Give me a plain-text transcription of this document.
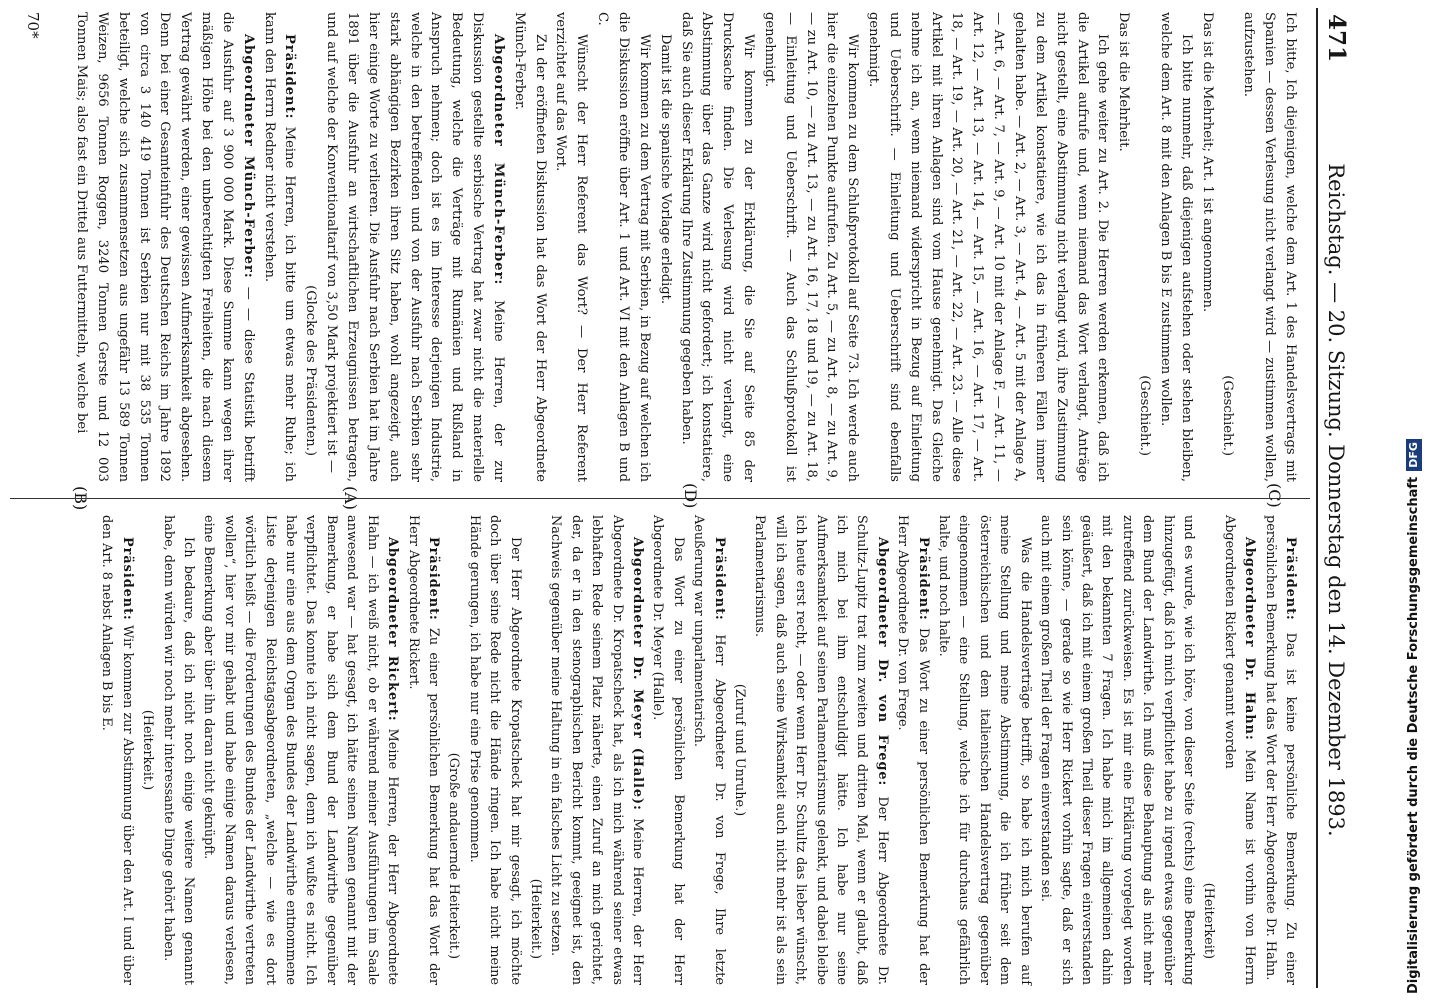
471
Reichstag. — 20. Sitzung. Donnerstag den 14. Dezember 1893.
(C)
(D)
(A)
(B)

Ich bitte, Ich diejenigen, welche dem Art. 1 des Handelsvertrags mit Spanien — dessen Verlesung nicht verlangt wird — zustimmen wollen, aufzustehen.

(Geschieht.)

Das ist die Mehrheit; Art. 1 ist angenommen.

Ich bitte nunmehr, daß diejenigen aufstehen oder stehen bleiben, welche dem Art. 8 mit den Anlagen B bis E zustimmen wollen.

(Geschieht.)

Das ist die Mehrheit.

Ich gehe weiter zu Art. 2. Die Herren werden erkennen, daß ich die Artikel aufrufe und, wenn niemand das Wort verlangt, Anträge nicht gestellt, eine Abstimmung nicht verlangt wird, ihre Zustimmung zu dem Artikel konstatiere, wie ich das in früheren Fällen immer gehalten habe. — Art. 2, — Art. 3, — Art. 4, — Art. 5 mit der Anlage A, — Art. 6, — Art. 7, — Art. 9, — Art. 10 mit der Anlage F, — Art. 11, — Art. 12, — Art. 13, — Art. 14, — Art. 15, — Art. 16, — Art. 17, — Art. 18, — Art. 19, — Art. 20, — Art. 21, — Art. 22, — Art. 23. — Alle diese Artikel mit ihren Anlagen sind vom Hause genehmigt. Das Gleiche nehme ich an, wenn niemand widerspricht in Bezug auf Einleitung und Ueberschrift. — Einleitung und Ueberschrift sind ebenfalls genehmigt.

Wir kommen zu dem Schlußprotokoll auf Seite 73. Ich werde auch hier die einzelnen Punkte aufrufen. Zu Art. 5, — zu Art. 8, — zu Art. 9, — zu Art. 10, — zu Art. 13, — zu Art. 16, 17, 18 und 19, — zu Art. 18, — Einleitung und Ueberschrift. — Auch das Schlußprotokoll ist genehmigt.

Wir kommen zu der Erklärung, die Sie auf Seite 85 der Drucksache finden. Die Verlesung wird nicht verlangt, eine Abstimmung über das Ganze wird nicht gefordert; ich konstatiere, daß Sie auch dieser Erklärung Ihre Zustimmung gegeben haben.

Damit ist die spanische Vorlage erledigt.

Wir kommen zu dem Vertrag mit Serbien, in Bezug auf welchen ich die Diskussion eröffne über Art. 1 und Art. VI mit den Anlagen B und C.

Wünscht der Herr Referent das Wort? — Der Herr Referent verzichtet auf das Wort.

Zu der eröffneten Diskussion hat das Wort der Herr Abgeordnete Münch-Ferber.

Abgeordneter Münch-Ferber: Meine Herren, der zur Diskussion gestellte serbische Vertrag hat zwar nicht die materielle Bedeutung, welche die Verträge mit Rumänien und Rußland in Anspruch nehmen; doch ist es im Interesse derjenigen Industrie, welche in den betreffenden und von der Ausfuhr nach Serbien sehr stark abhängigen Bezirken ihren Sitz haben, wohl angezeigt, auch hier einige Worte zu verlieren. Die Ausfuhr nach Serbien hat im Jahre 1891 über die Ausfuhr an wirtschaftlichen Erzeugnissen betragen, und auf welche der Konventionaltarif von 3,50 Mark projektiert ist —

(Glocke des Präsidenten.)

Präsident: Meine Herren, ich bitte um etwas mehr Ruhe; ich kann den Herrn Redner nicht verstehen.

Abgeordneter Münch-Ferber: — — diese Statistik betrifft die Ausfuhr auf 3 900 000 Mark. Diese Summe kann wegen ihrer mäßigen Höhe bei den unberechtigten Freiheiten, die nach diesem Vertrag gewährt werden, einer gewissen Aufmerksamkeit abgesehen. Denn bei einer Gesamteinfuhr des Deutschen Reichs im Jahre 1892 von circa 3 140 419 Tonnen ist Serbien nur mit 38 535 Tonnen beteiligt, welche sich zusammensetzen aus ungefähr 13 589 Tonnen Weizen, 9656 Tonnen Roggen, 3240 Tonnen Gerste und 12 003 Tonnen Mais; also fast ein Drittel aus Futtermitteln, welche bei

Präsident: Das ist keine persönliche Bemerkung. Zu einer persönlichen Bemerkung hat das Wort der Herr Abgeordnete Dr. Hahn.

Abgeordneter Dr. Hahn: Mein Name ist vorhin von Herrn Abgeordneten Rickert genannt worden

(Heiterkeit)

und es wurde, wie ich höre, von dieser Seite (rechts) eine Bemerkung hinzugefügt, daß ich mich verpflichtet habe zu irgend etwas gegenüber dem Bund der Landwirthe. Ich muß diese Behauptung als nicht mehr zutreffend zurückweisen. Es ist mir eine Erklärung vorgelegt worden mit den bekannten 7 Fragen. Ich habe mich im allgemeinen dahin geäußert, daß ich mit einem großen Theil dieser Fragen einverstanden sein könne, — gerade so wie Herr Rickert vorhin sagte, daß er sich auch mit einem großen Theil der Fragen einverstanden sei.

Was die Handelsverträge betrifft, so habe ich mich berufen auf meine Stellung und meine Abstimmung, die ich früher seit dem österreichischen und dem italienischen Handelsvertrag gegenüber eingenommen — eine Stellung, welche ich für durchaus gefährlich halte, und noch halte.

Präsident: Das Wort zu einer persönlichen Bemerkung hat der Herr Abgeordnete Dr. von Frege.

Abgeordneter Dr. von Frege: Der Herr Abgeordnete Dr. Schultz-Lupitz trat zum zweiten und dritten Mal, wenn er glaubt, daß ich mich bei ihm entschuldigt hätte. Ich habe nur seine Aufmerksamkeit auf seinen Parlamentarismus gelenkt, und dabei bleibe ich heute erst recht, — oder wenn Herr Dr. Schultz das lieber wünscht, will ich sagen, daß auch seine Wirksamkeit auch nicht mehr ist als sein Parlamentarismus.

(Zuruf und Unruhe.)

Präsident: Herr Abgeordneter Dr. von Frege, Ihre letzte Aeußerung war unparlamentarisch.

Das Wort zu einer persönlichen Bemerkung hat der Herr Abgeordnete Dr. Meyer (Halle).

Abgeordneter Dr. Meyer (Halle): Meine Herren, der Herr Abgeordnete Dr. Kropatscheck hat, als ich mich während seiner etwas lebhaften Rede seinem Platz näherte, einen Zuruf an mich gerichtet, der, da er in den stenographischen Bericht kommt, geeignet ist, den Nachweis gegenüber meine Haltung in ein falsches Licht zu setzen.

(Heiterkeit.)

Der Herr Abgeordnete Kropatscheck hat mir gesagt, ich möchte doch über seine Rede nicht die Hände ringen. Ich habe nicht meine Hände gerungen, ich habe nur eine Prise genommen.

(Große andauernde Heiterkeit.)

Präsident: Zu einer persönlichen Bemerkung hat das Wort der Herr Abgeordnete Rickert.

Abgeordneter Rickert: Meine Herren, der Herr Abgeordnete Hahn — ich weiß nicht, ob er während meiner Ausführungen im Saale anwesend war — hat gesagt, ich hätte seinen Namen genannt mit der Bemerkung, er habe sich dem Bund der Landwirthe gegenüber verpflichtet. Das konnte ich nicht sagen, denn ich wußte es nicht. Ich habe nur eine aus dem Organ des Bundes der Landwirthe entnommene Liste derjenigen Reichstagsabgeordneten, „welche — wie es dort wörtlich heißt — die Forderungen des Bundes der Landwirthe vertreten wollen“, hier vor mir gehabt und habe einige Namen daraus verlesen, eine Bemerkung aber über ihn daran nicht geknüpft.

Ich bedaure, daß ich nicht noch einige weitere Namen genannt habe, denn würden wir noch mehr interessante Dinge gehört haben.

(Heiterkeit.)

Präsident: Wir kommen zur Abstimmung über den Art. I und über den Art. 8 nebst Anlagen B bis E.

70*
Digitalisierung gefördert durch die Deutsche ForschungsgemeinschaftDFG
